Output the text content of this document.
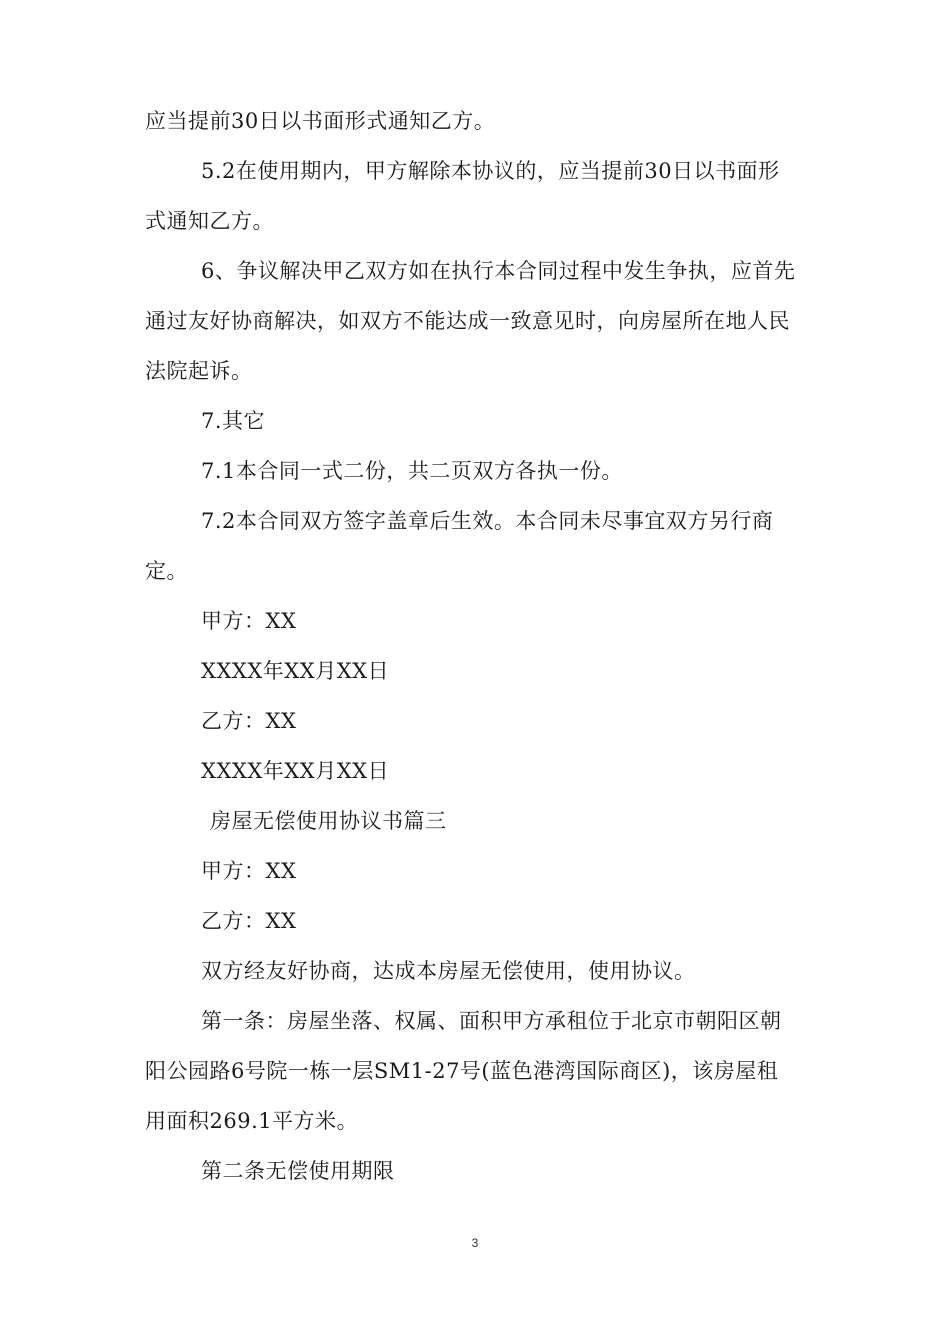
应当提前30日以书面形式通知乙方。
5.2在使用期内，甲方解除本协议的，应当提前30日以书面形
式通知乙方。
6、争议解决甲乙双方如在执行本合同过程中发生争执，应首先
通过友好协商解决，如双方不能达成一致意见时，向房屋所在地人民
法院起诉。
7.其它
7.1本合同一式二份，共二页双方各执一份。
7.2本合同双方签字盖章后生效。本合同未尽事宜双方另行商
定。
甲方：XX
XXXX年XX月XX日
乙方：XX
XXXX年XX月XX日
房屋无偿使用协议书篇三
甲方：XX
乙方：XX
双方经友好协商，达成本房屋无偿使用，使用协议。
第一条：房屋坐落、权属、面积甲方承租位于北京市朝阳区朝
阳公园路6号院一栋一层SM1-27号(蓝色港湾国际商区)，该房屋租
用面积269.1平方米。
第二条无偿使用期限
3
